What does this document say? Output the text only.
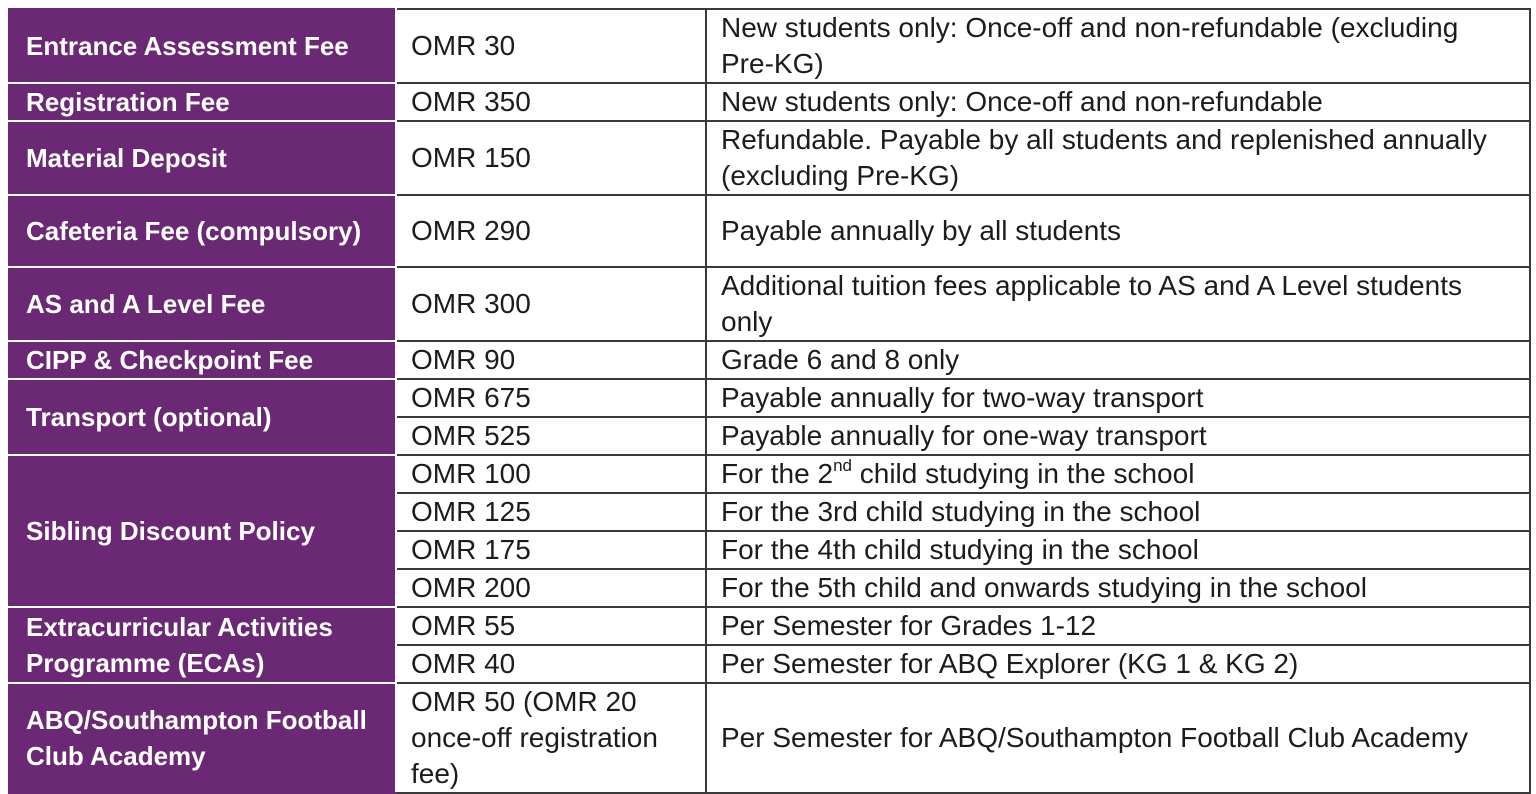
Entrance Assessment Fee	OMR 30	New students only: Once-off and non-refundable (excluding Pre-KG)
Registration Fee	OMR 350	New students only: Once-off and non-refundable
Material Deposit	OMR 150	Refundable. Payable by all students and replenished annually (excluding Pre-KG)
Cafeteria Fee (compulsory)	OMR 290	Payable annually by all students
AS and A Level Fee	OMR 300	Additional tuition fees applicable to AS and A Level students only
CIPP & Checkpoint Fee	OMR 90	Grade 6 and 8 only
Transport (optional)	OMR 675	Payable annually for two-way transport
	OMR 525	Payable annually for one-way transport
Sibling Discount Policy	OMR 100	For the 2nd child studying in the school
	OMR 125	For the 3rd child studying in the school
	OMR 175	For the 4th child studying in the school
	OMR 200	For the 5th child and onwards studying in the school
Extracurricular Activities Programme (ECAs)	OMR 55	Per Semester for Grades 1-12
	OMR 40	Per Semester for ABQ Explorer (KG 1 & KG 2)
ABQ/Southampton Football Club Academy	OMR 50 (OMR 20 once-off registration fee)	Per Semester for ABQ/Southampton Football Club Academy
